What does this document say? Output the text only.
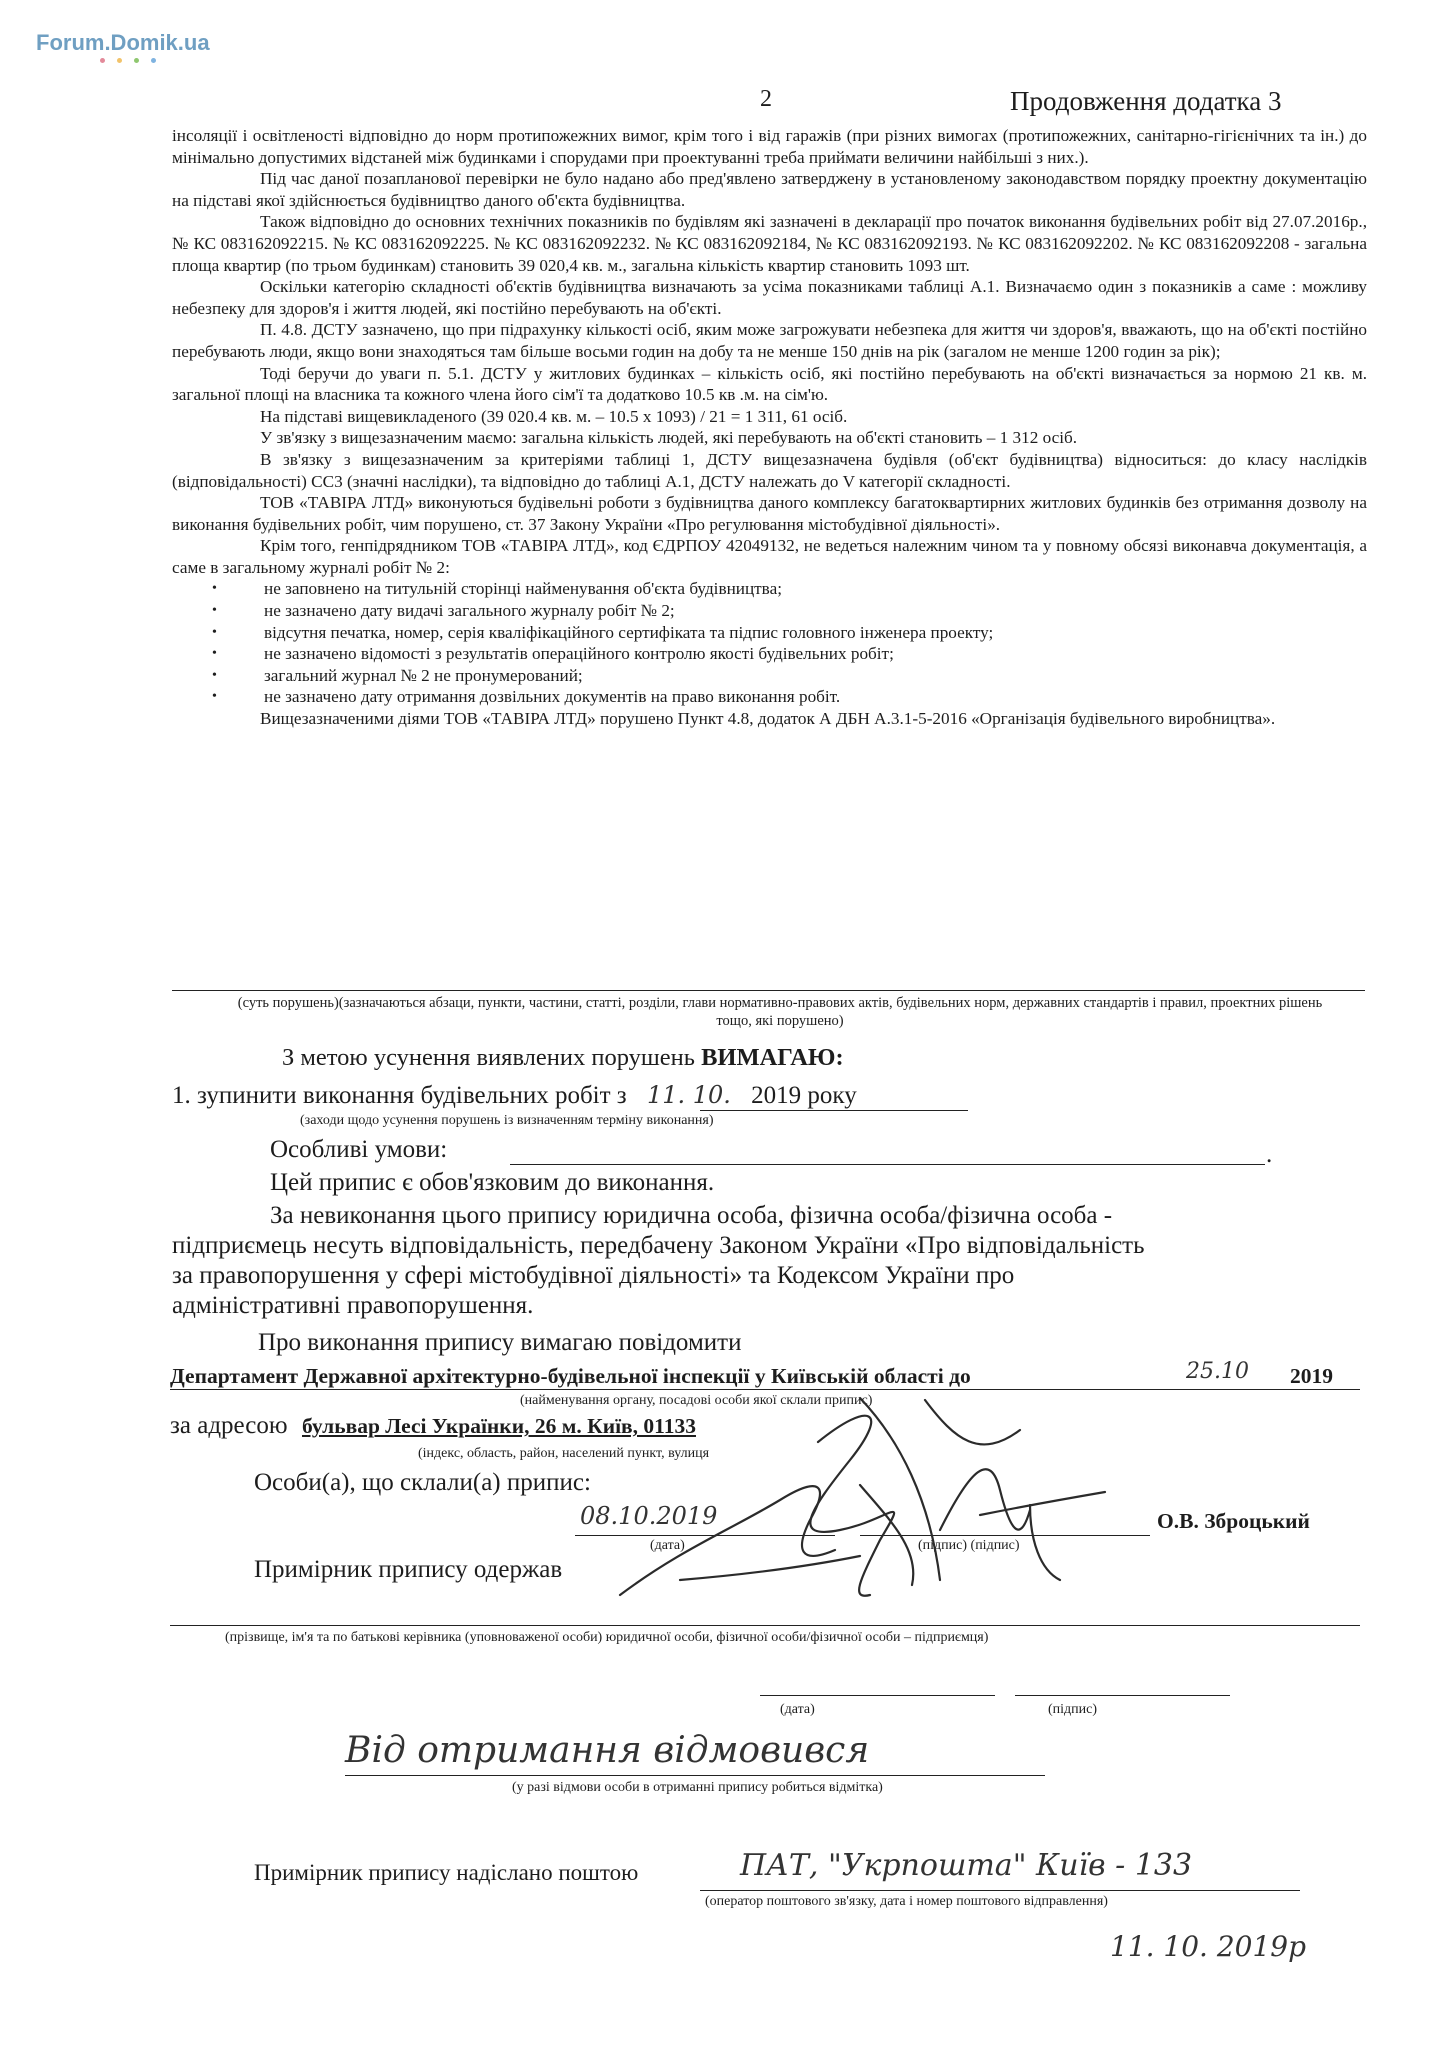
Forum.Domik.ua
2	Продовження додатка 3

інсоляції і освітленості відповідно до норм протипожежних вимог, крім того і від гаражів (при різних вимогах (протипожежних, санітарно-гігієнічних та ін.) до мінімально допустимих відстаней між будинками і спорудами при проектуванні треба приймати величини найбільші з них.).

Під час даної позапланової перевірки не було надано або пред'явлено затверджену в установленому законодавством порядку проектну документацію на підставі якої здійснюється будівництво даного об'єкта будівництва.

Також відповідно до основних технічних показників по будівлям які зазначені в декларації про початок виконання будівельних робіт від 27.07.2016р., № КС 083162092215. № КС 083162092225. № КС 083162092232. № КС 083162092184, № КС 083162092193. № КС 083162092202. № КС 083162092208 - загальна площа квартир (по трьом будинкам) становить 39 020,4 кв. м., загальна кількість квартир становить 1093 шт.

Оскільки категорію складності об'єктів будівництва визначають за усіма показниками таблиці А.1. Визначаємо один з показників а саме : можливу небезпеку для здоров'я і життя людей, які постійно перебувають на об'єкті.

П. 4.8. ДСТУ зазначено, що при підрахунку кількості осіб, яким може загрожувати небезпека для життя чи здоров'я, вважають, що на об'єкті постійно перебувають люди, якщо вони знаходяться там більше восьми годин на добу та не менше 150 днів на рік (загалом не менше 1200 годин за рік);

Тоді беручи до уваги п. 5.1. ДСТУ у житлових будинках – кількість осіб, які постійно перебувають на об'єкті визначається за нормою 21 кв. м. загальної площі на власника та кожного члена його сім'ї та додатково 10.5 кв .м. на сім'ю.

На підставі вищевикладеного (39 020.4 кв. м. – 10.5 х 1093) / 21 = 1 311, 61 осіб.

У зв'язку з вищезазначеним маємо: загальна кількість людей, які перебувають на об'єкті становить – 1 312 осіб.

В зв'язку з вищезазначеним за критеріями таблиці 1, ДСТУ вищезазначена будівля (об'єкт будівництва) відноситься: до класу наслідків (відповідальності) СС3 (значні наслідки), та відповідно до таблиці А.1, ДСТУ належать до V категорії складності.

ТОВ «ТАВІРА ЛТД» виконуються будівельні роботи з будівництва даного комплексу багатоквартирних житлових будинків без отримання дозволу на виконання будівельних робіт, чим порушено, ст. 37 Закону України «Про регулювання містобудівної діяльності».

Крім того, генпідрядником ТОВ «ТАВІРА ЛТД», код ЄДРПОУ 42049132, не ведеться належним чином та у повному обсязі виконавча документація, а саме в загальному журналі робіт № 2:

• не заповнено на титульній сторінці найменування об'єкта будівництва;
• не зазначено дату видачі загального журналу робіт № 2;
• відсутня печатка, номер, серія кваліфікаційного сертифіката та підпис головного інженера проекту;
• не зазначено відомості з результатів операційного контролю якості будівельних робіт;
• загальний журнал № 2 не пронумерований;
• не зазначено дату отримання дозвільних документів на право виконання робіт.

Вищезазначеними діями ТОВ «ТАВІРА ЛТД» порушено Пункт 4.8, додаток А ДБН А.3.1-5-2016 «Організація будівельного виробництва».

(суть порушень)(зазначаються абзаци, пункти, частини, статті, розділи, глави нормативно-правових актів, будівельних норм, державних стандартів і правил, проектних рішень тощо, які порушено)
З метою усунення виявлених порушень ВИМАГАЮ:
1. зупинити виконання будівельних робіт з 11. 10. 2019 року
(заходи щодо усунення порушень із визначенням терміну виконання)
Особливі умови:	.
Цей припис є обов'язковим до виконання.
За невиконання цього припису юридична особа, фізична особа/фізична особа -
підприємець несуть відповідальність, передбачену Законом України «Про відповідальність
за правопорушення у сфері містобудівної діяльності» та Кодексом України про
адміністративні правопорушення.
Про виконання припису вимагаю повідомити
Департамент Державної архітектурно-будівельної інспекції у Київській області до	25.10 2019
(найменування органу, посадові особи якої склали припис)
за адресою бульвар Лесі Українки, 26 м. Київ, 01133
(індекс, область, район, населений пункт, вулиця
Особи(а), що склали(а) припис:
08.10.2019
(дата)	(підпис) (підпис)
О.В. Зброцький
Примірник припису одержав
(прізвище, ім'я та по батькові керівника (уповноваженої особи) юридичної особи, фізичної особи/фізичної особи – підприємця)
(дата)	(підпис)
Від отримання відмовився
(у разі відмови особи в отриманні припису робиться відмітка)
Примірник припису надіслано поштою	ПАТ, "Укрпошта" Київ - 133
(оператор поштового зв'язку, дата і номер поштового відправлення)
11. 10. 2019р
